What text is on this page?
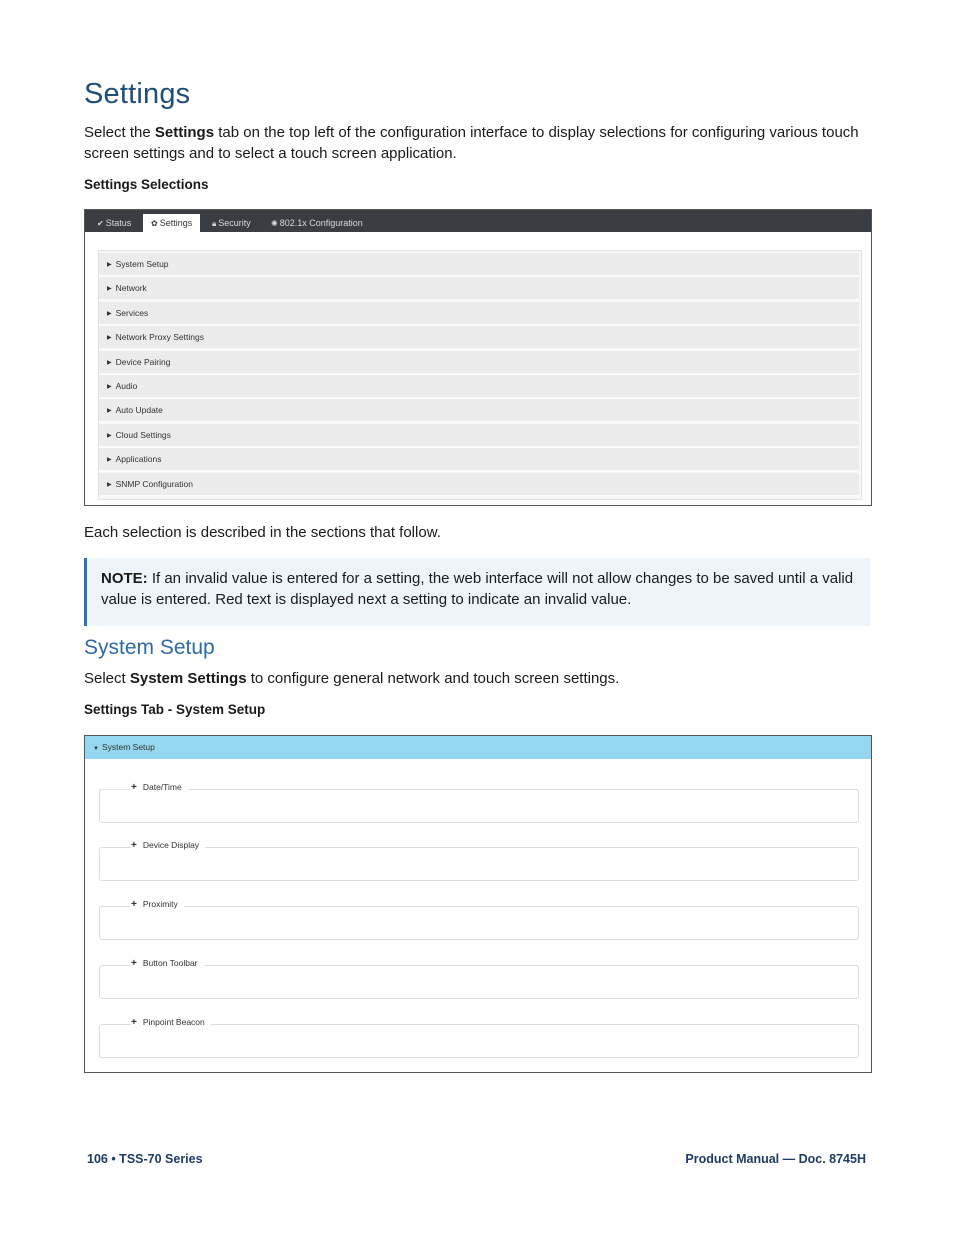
Settings

Select the Settings tab on the top left of the configuration interface to display selections for configuring various touch screen settings and to select a touch screen application.

Settings Selections

✔ Status	✿ Settings	🔒︎ Security	✺ 802.1x Configuration
▶ System Setup
▶ Network
▶ Services
▶ Network Proxy Settings
▶ Device Pairing
▶ Audio
▶ Auto Update
▶ Cloud Settings
▶ Applications
▶ SNMP Configuration

Each selection is described in the sections that follow.

NOTE: If an invalid value is entered for a setting, the web interface will not allow changes to be saved until a valid value is entered. Red text is displayed next a setting to indicate an invalid value.

System Setup

Select System Settings to configure general network and touch screen settings.

Settings Tab - System Setup

▼ System Setup
+ Date/Time
+ Device Display
+ Proximity
+ Button Toolbar
+ Pinpoint Beacon
106 • TSS-70 Series	Product Manual — Doc. 8745H
